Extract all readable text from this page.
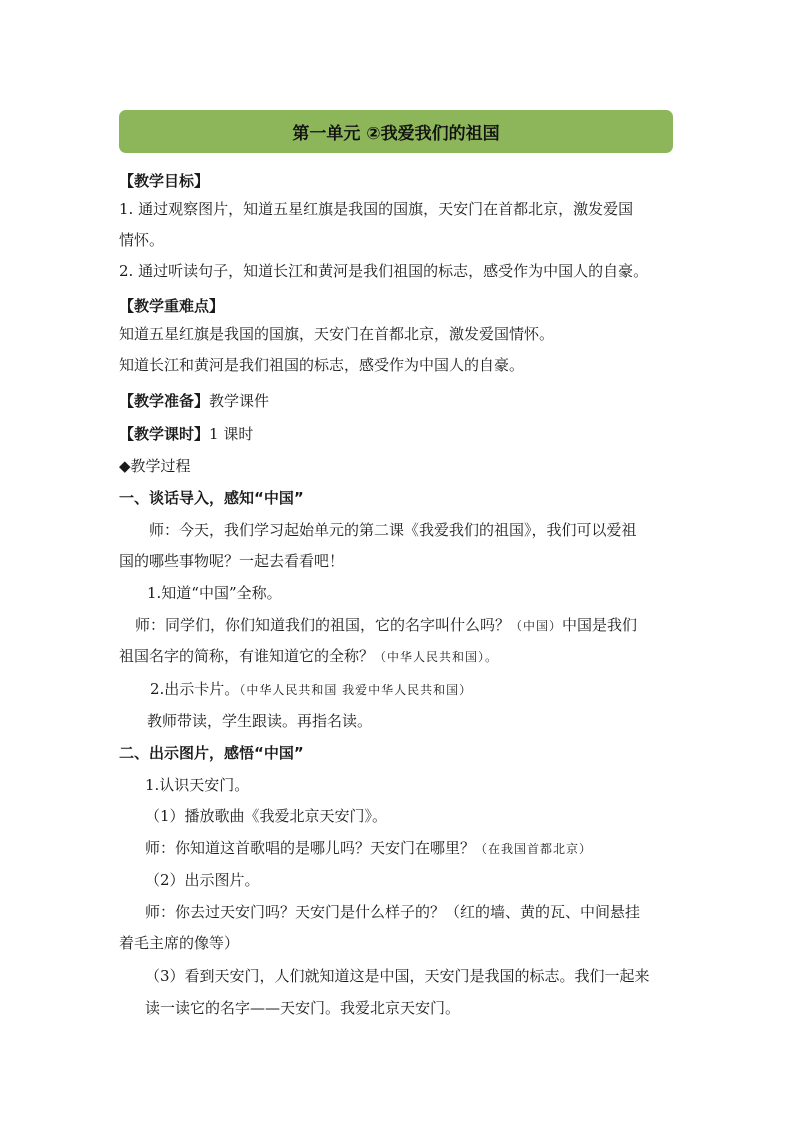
第一单元 ②我爱我们的祖国
【教学目标】
1. 通过观察图片，知道五星红旗是我国的国旗，天安门在首都北京，激发爱国
情怀。
2. 通过听读句子，知道长江和黄河是我们祖国的标志，感受作为中国人的自豪。
【教学重难点】
知道五星红旗是我国的国旗，天安门在首都北京，激发爱国情怀。
知道长江和黄河是我们祖国的标志，感受作为中国人的自豪。
【教学准备】教学课件
【教学课时】1 课时
◆教学过程
一、谈话导入，感知“中国”
师：今天，我们学习起始单元的第二课《我爱我们的祖国》，我们可以爱祖
国的哪些事物呢？一起去看看吧！
1.知道“中国”全称。
师：同学们，你们知道我们的祖国，它的名字叫什么吗？（中国）中国是我们
祖国名字的简称，有谁知道它的全称？（中华人民共和国）。
2.出示卡片。（中华人民共和国 我爱中华人民共和国）
教师带读，学生跟读。再指名读。
二、出示图片，感悟“中国”
1.认识天安门。
（1）播放歌曲《我爱北京天安门》。
师：你知道这首歌唱的是哪儿吗？天安门在哪里？（在我国首都北京）
（2）出示图片。
师：你去过天安门吗？天安门是什么样子的？（红的墙、黄的瓦、中间悬挂
着毛主席的像等）
（3）看到天安门，人们就知道这是中国，天安门是我国的标志。我们一起来
读一读它的名字——天安门。我爱北京天安门。
